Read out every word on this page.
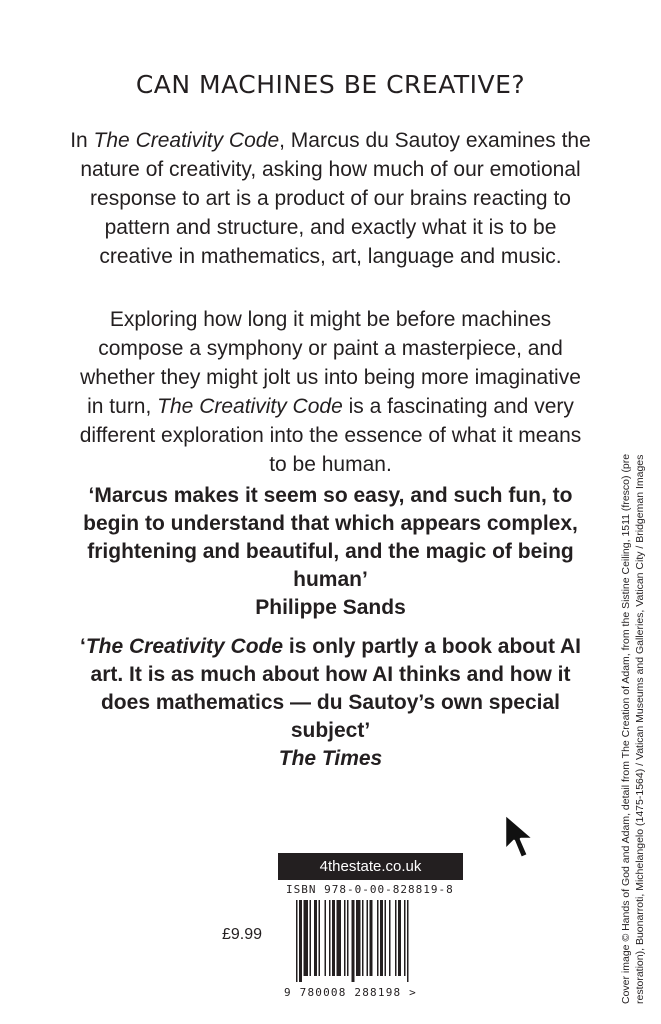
CAN MACHINES BE CREATIVE?
In The Creativity Code, Marcus du Sautoy examines the nature of creativity, asking how much of our emotional response to art is a product of our brains reacting to pattern and structure, and exactly what it is to be creative in mathematics, art, language and music.
Exploring how long it might be before machines compose a symphony or paint a masterpiece, and whether they might jolt us into being more imaginative in turn, The Creativity Code is a fascinating and very different exploration into the essence of what it means to be human.
‘Marcus makes it seem so easy, and such fun, to begin to understand that which appears complex, frightening and beautiful, and the magic of being human’
Philippe Sands
‘The Creativity Code is only partly a book about AI art. It is as much about how AI thinks and how it does mathematics — du Sautoy’s own special subject’
The Times
4thestate.co.uk
ISBN 978-0-00-828819-8
£9.99
9 780008 288198 >	Cover image © Hands of God and Adam, detail from The Creation of Adam, from the Sistine Ceiling, 1511 (fresco) (pre restoration), Buonarroti, Michelangelo (1475-1564) / Vatican Museums and Galleries, Vatican City / Bridgeman Images
